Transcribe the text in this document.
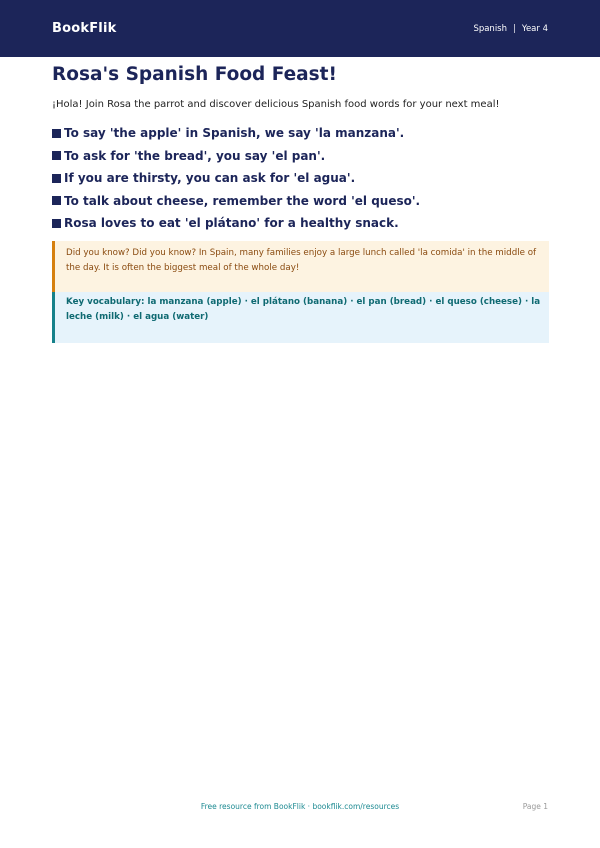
BookFlik	Spanish | Year 4
Rosa's Spanish Food Feast!

¡Hola! Join Rosa the parrot and discover delicious Spanish food words for your next meal!

To say 'the apple' in Spanish, we say 'la manzana'.
To ask for 'the bread', you say 'el pan'.
If you are thirsty, you can ask for 'el agua'.
To talk about cheese, remember the word 'el queso'.
Rosa loves to eat 'el plátano' for a healthy snack.
Did you know? Did you know? In Spain, many families enjoy a large lunch called 'la comida' in the middle of the day. It is often the biggest meal of the whole day!
Key vocabulary: la manzana (apple) · el plátano (banana) · el pan (bread) · el queso (cheese) · la leche (milk) · el agua (water)
Free resource from BookFlik · bookflik.com/resources	Page 1
